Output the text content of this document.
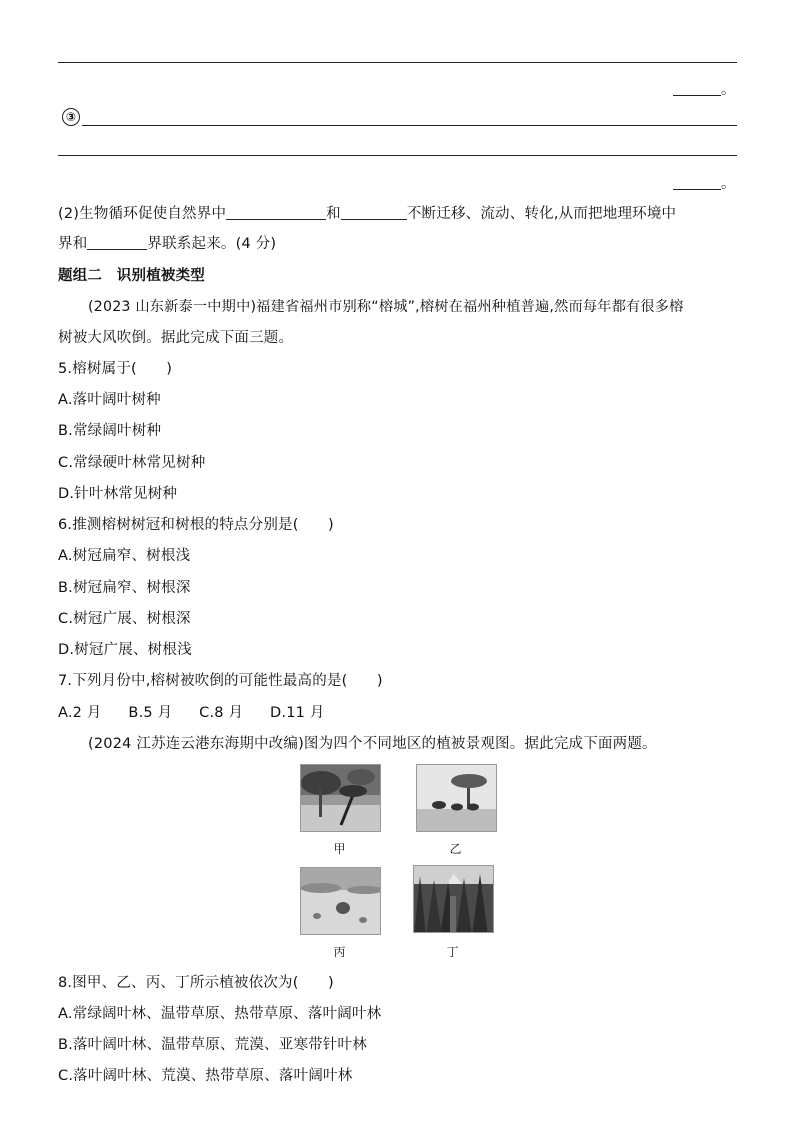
。
③
。
(2)生物循环促使自然界中	和	不断迁移、流动、转化,从而把地理环境中
界和	界联系起来。(4 分)
题组二　识别植被类型
(2023 山东新泰一中期中)福建省福州市别称“榕城”,榕树在福州种植普遍,然而每年都有很多榕
树被大风吹倒。据此完成下面三题。
5.榕树属于(　　)
A.落叶阔叶树种
B.常绿阔叶树种
C.常绿硬叶林常见树种
D.针叶林常见树种
6.推测榕树树冠和树根的特点分别是(　　)
A.树冠扁窄、树根浅
B.树冠扁窄、树根深
C.树冠广展、树根深
D.树冠广展、树根浅
7.下列月份中,榕树被吹倒的可能性最高的是(　　)
A.2 月 B.5 月 C.8 月 D.11 月
(2024 江苏连云港东海期中改编)图为四个不同地区的植被景观图。据此完成下面两题。
甲	乙
丙	丁
8.图甲、乙、丙、丁所示植被依次为(　　)
A.常绿阔叶林、温带草原、热带草原、落叶阔叶林
B.落叶阔叶林、温带草原、荒漠、亚寒带针叶林
C.落叶阔叶林、荒漠、热带草原、落叶阔叶林
